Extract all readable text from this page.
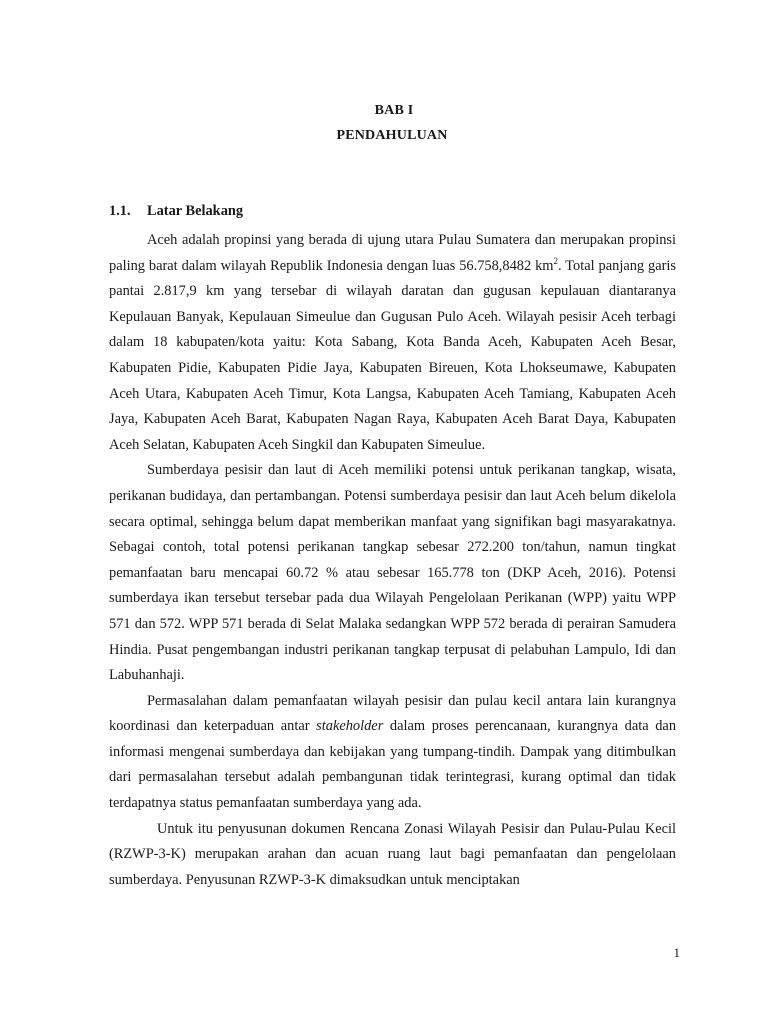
BAB I
PENDAHULUAN
1.1. Latar Belakang

Aceh adalah propinsi yang berada di ujung utara Pulau Sumatera dan merupakan propinsi paling barat dalam wilayah Republik Indonesia dengan luas 56.758,8482 $km^2$. Total panjang garis pantai 2.817,9 km yang tersebar di wilayah daratan dan gugusan kepulauan diantaranya Kepulauan Banyak, Kepulauan Simeulue dan Gugusan Pulo Aceh. Wilayah pesisir Aceh terbagi dalam 18 kabupaten/kota yaitu: Kota Sabang, Kota Banda Aceh, Kabupaten Aceh Besar, Kabupaten Pidie, Kabupaten Pidie Jaya, Kabupaten Bireuen, Kota Lhokseumawe, Kabupaten Aceh Utara, Kabupaten Aceh Timur, Kota Langsa, Kabupaten Aceh Tamiang, Kabupaten Aceh Jaya, Kabupaten Aceh Barat, Kabupaten Nagan Raya, Kabupaten Aceh Barat Daya, Kabupaten Aceh Selatan, Kabupaten Aceh Singkil dan Kabupaten Simeulue.

Sumberdaya pesisir dan laut di Aceh memiliki potensi untuk perikanan tangkap, wisata, perikanan budidaya, dan pertambangan. Potensi sumberdaya pesisir dan laut Aceh belum dikelola secara optimal, sehingga belum dapat memberikan manfaat yang signifikan bagi masyarakatnya. Sebagai contoh, total potensi perikanan tangkap sebesar 272.200 ton/tahun, namun tingkat pemanfaatan baru mencapai 60.72 % atau sebesar 165.778 ton (DKP Aceh, 2016). Potensi sumberdaya ikan tersebut tersebar pada dua Wilayah Pengelolaan Perikanan (WPP) yaitu WPP 571 dan 572. WPP 571 berada di Selat Malaka sedangkan WPP 572 berada di perairan Samudera Hindia. Pusat pengembangan industri perikanan tangkap terpusat di pelabuhan Lampulo, Idi dan Labuhanhaji.

Permasalahan dalam pemanfaatan wilayah pesisir dan pulau kecil antara lain kurangnya koordinasi dan keterpaduan antar stakeholder dalam proses perencanaan, kurangnya data dan informasi mengenai sumberdaya dan kebijakan yang tumpang-tindih. Dampak yang ditimbulkan dari permasalahan tersebut adalah pembangunan tidak terintegrasi, kurang optimal dan tidak terdapatnya status pemanfaatan sumberdaya yang ada.

Untuk itu penyusunan dokumen Rencana Zonasi Wilayah Pesisir dan Pulau-Pulau Kecil (RZWP-3-K) merupakan arahan dan acuan ruang laut bagi pemanfaatan dan pengelolaan sumberdaya. Penyusunan RZWP-3-K dimaksudkan untuk menciptakan

1
